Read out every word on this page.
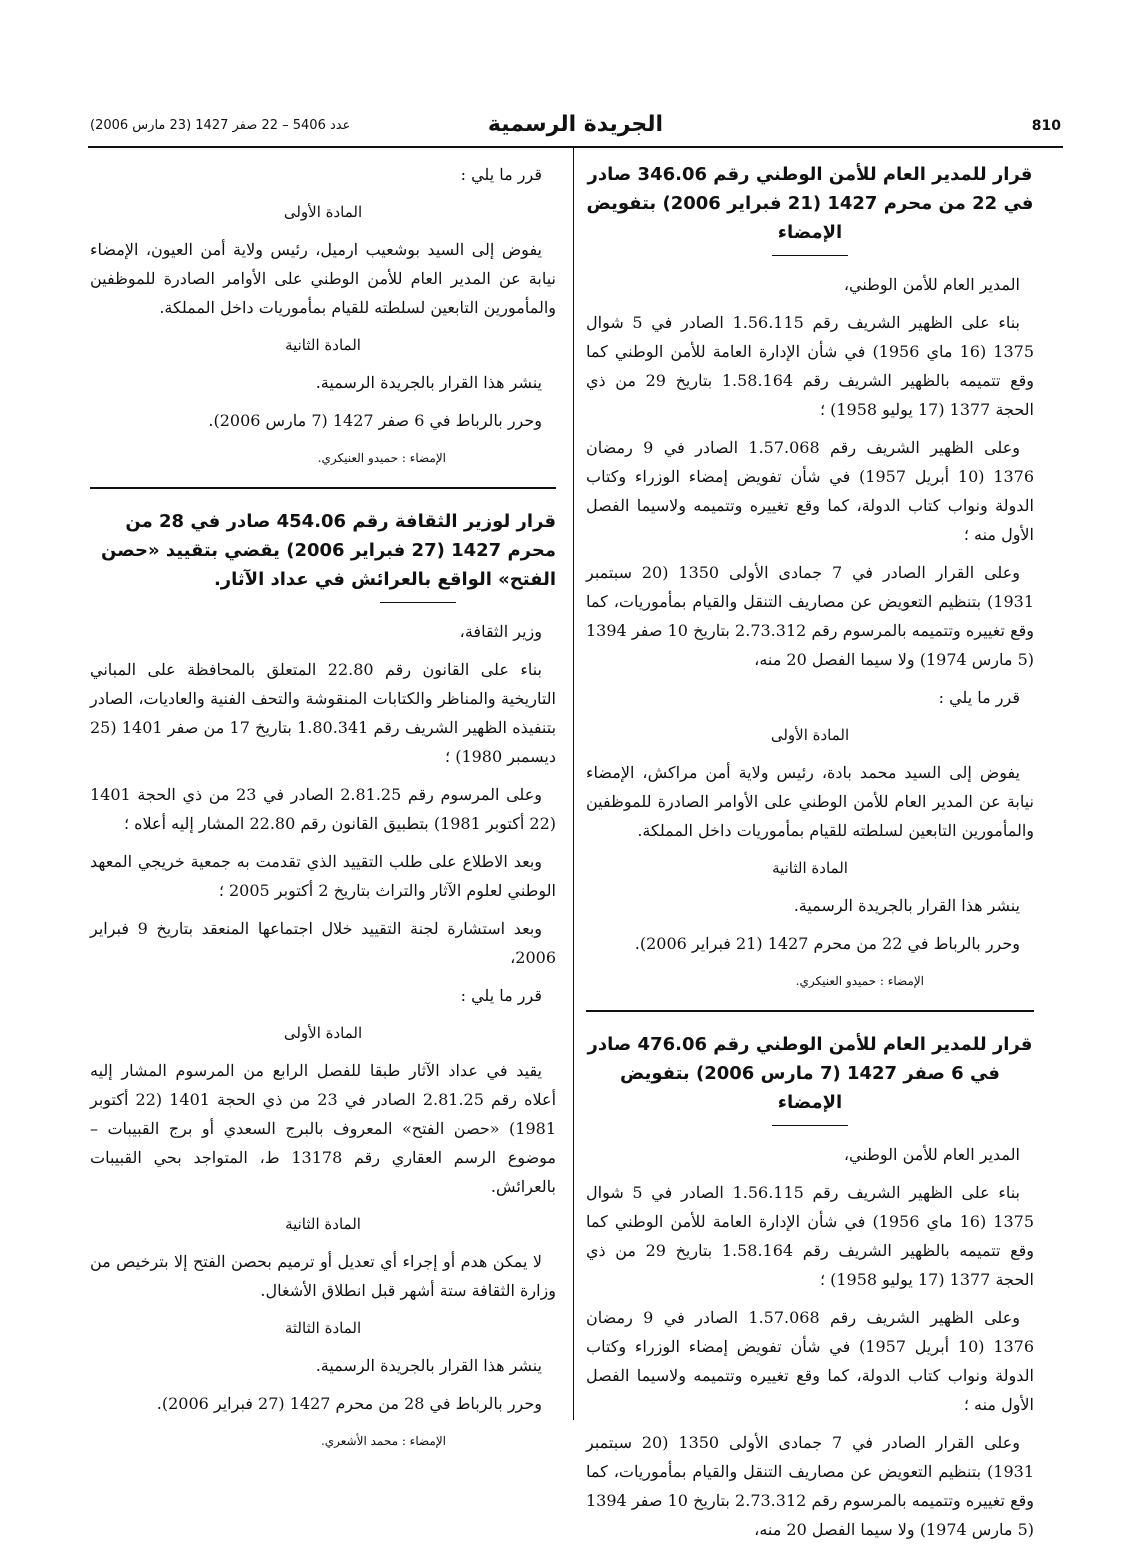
عدد 5406 – 22 صفر 1427 (23 مارس 2006)	الجريدة الرسمية	810
قرار للمدير العام للأمن الوطني رقم 346.06 صادر في 22 من محرم 1427 (21 فبراير 2006) بتفويض الإمضاء

المدير العام للأمن الوطني،

بناء على الظهير الشريف رقم 1.56.115 الصادر في 5 شوال 1375 (16 ماي 1956) في شأن الإدارة العامة للأمن الوطني كما وقع تتميمه بالظهير الشريف رقم 1.58.164 بتاريخ 29 من ذي الحجة 1377 (17 يوليو 1958) ؛

وعلى الظهير الشريف رقم 1.57.068 الصادر في 9 رمضان 1376 (10 أبريل 1957) في شأن تفويض إمضاء الوزراء وكتاب الدولة ونواب كتاب الدولة، كما وقع تغييره وتتميمه ولاسيما الفصل الأول منه ؛

وعلى القرار الصادر في 7 جمادى الأولى 1350 (20 سبتمبر 1931) بتنظيم التعويض عن مصاريف التنقل والقيام بمأموريات، كما وقع تغييره وتتميمه بالمرسوم رقم 2.73.312 بتاريخ 10 صفر 1394 (5 مارس 1974) ولا سيما الفصل 20 منه،

قرر ما يلي :

المادة الأولى

يفوض إلى السيد محمد بادة، رئيس ولاية أمن مراكش، الإمضاء نيابة عن المدير العام للأمن الوطني على الأوامر الصادرة للموظفين والمأمورين التابعين لسلطته للقيام بمأموريات داخل المملكة.

المادة الثانية

ينشر هذا القرار بالجريدة الرسمية.

وحرر بالرباط في 22 من محرم 1427 (21 فبراير 2006).

الإمضاء : حميدو العنيكري.
قرار للمدير العام للأمن الوطني رقم 476.06 صادر في 6 صفر 1427 (7 مارس 2006) بتفويض الإمضاء

المدير العام للأمن الوطني،

بناء على الظهير الشريف رقم 1.56.115 الصادر في 5 شوال 1375 (16 ماي 1956) في شأن الإدارة العامة للأمن الوطني كما وقع تتميمه بالظهير الشريف رقم 1.58.164 بتاريخ 29 من ذي الحجة 1377 (17 يوليو 1958) ؛

وعلى الظهير الشريف رقم 1.57.068 الصادر في 9 رمضان 1376 (10 أبريل 1957) في شأن تفويض إمضاء الوزراء وكتاب الدولة ونواب كتاب الدولة، كما وقع تغييره وتتميمه ولاسيما الفصل الأول منه ؛

وعلى القرار الصادر في 7 جمادى الأولى 1350 (20 سبتمبر 1931) بتنظيم التعويض عن مصاريف التنقل والقيام بمأموريات، كما وقع تغييره وتتميمه بالمرسوم رقم 2.73.312 بتاريخ 10 صفر 1394 (5 مارس 1974) ولا سيما الفصل 20 منه،

قرر ما يلي :

المادة الأولى

يفوض إلى السيد بوشعيب ارميل، رئيس ولاية أمن العيون، الإمضاء نيابة عن المدير العام للأمن الوطني على الأوامر الصادرة للموظفين والمأمورين التابعين لسلطته للقيام بمأموريات داخل المملكة.

المادة الثانية

ينشر هذا القرار بالجريدة الرسمية.

وحرر بالرباط في 6 صفر 1427 (7 مارس 2006).

الإمضاء : حميدو العنيكري.
قرار لوزير الثقافة رقم 454.06 صادر في 28 من محرم 1427 (27 فبراير 2006) يقضي بتقييد «حصن الفتح» الواقع بالعرائش في عداد الآثار.

وزير الثقافة،

بناء على القانون رقم 22.80 المتعلق بالمحافظة على المباني التاريخية والمناظر والكتابات المنقوشة والتحف الفنية والعاديات، الصادر بتنفيذه الظهير الشريف رقم 1.80.341 بتاريخ 17 من صفر 1401 (25 ديسمبر 1980) ؛

وعلى المرسوم رقم 2.81.25 الصادر في 23 من ذي الحجة 1401 (22 أكتوبر 1981) بتطبيق القانون رقم 22.80 المشار إليه أعلاه ؛

وبعد الاطلاع على طلب التقييد الذي تقدمت به جمعية خريجي المعهد الوطني لعلوم الآثار والتراث بتاريخ 2 أكتوبر 2005 ؛

وبعد استشارة لجنة التقييد خلال اجتماعها المنعقد بتاريخ 9 فبراير 2006،

قرر ما يلي :

المادة الأولى

يقيد في عداد الآثار طبقا للفصل الرابع من المرسوم المشار إليه أعلاه رقم 2.81.25 الصادر في 23 من ذي الحجة 1401 (22 أكتوبر 1981) «حصن الفتح» المعروف بالبرج السعدي أو برج القبيبات – موضوع الرسم العقاري رقم 13178 ط، المتواجد بحي القبيبات بالعرائش.

المادة الثانية

لا يمكن هدم أو إجراء أي تعديل أو ترميم بحصن الفتح إلا بترخيص من وزارة الثقافة ستة أشهر قبل انطلاق الأشغال.

المادة الثالثة

ينشر هذا القرار بالجريدة الرسمية.

وحرر بالرباط في 28 من محرم 1427 (27 فبراير 2006).

الإمضاء : محمد الأشعري.
